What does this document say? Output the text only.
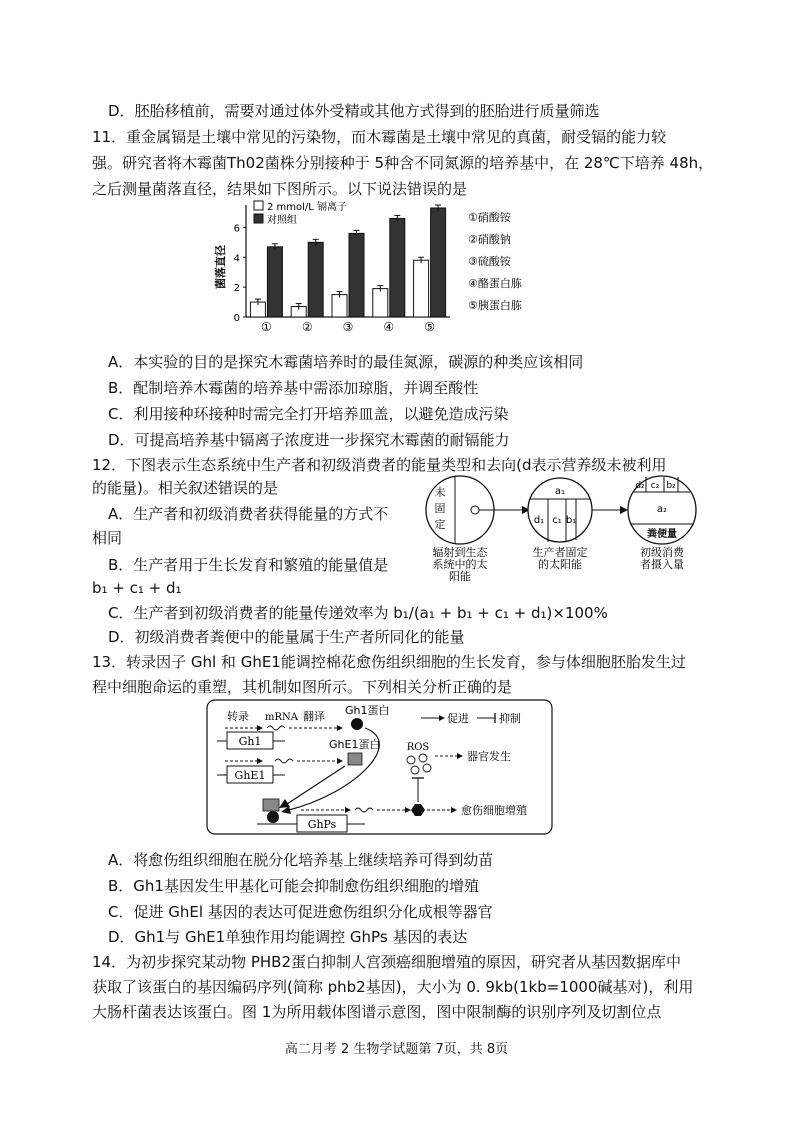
D．胚胎移植前，需要对通过体外受精或其他方式得到的胚胎进行质量筛选
11．重金属镉是土壤中常见的污染物，而木霉菌是土壤中常见的真菌，耐受镉的能力较
强。研究者将木霉菌Th02菌株分别接种于 5种含不同氮源的培养基中，在 28℃下培养 48h，
之后测量菌落直径，结果如下图所示。以下说法错误的是
0
2
4
6
菌落直径
①	②	③	④	⑤
2 mmol/L 镉离子
对照组	①硝酸铵
②硝酸钠
③硫酸铵
④酪蛋白胨
⑤胰蛋白胨
A．本实验的目的是探究木霉菌培养时的最佳氮源，碳源的种类应该相同
B．配制培养木霉菌的培养基中需添加琼脂，并调至酸性
C．利用接种环接种时需完全打开培养皿盖，以避免造成污染
D．可提高培养基中镉离子浓度进一步探究木霉菌的耐镉能力
12．下图表示生态系统中生产者和初级消费者的能量类型和去向(d表示营养级未被利用
的能量)。相关叙述错误的是
A．生产者和初级消费者获得能量的方式不
相同
B．生产者用于生长发育和繁殖的能量值是
b₁ + c₁ + d₁
C．生产者到初级消费者的能量传递效率为 b₁/(a₁ + b₁ + c₁ + d₁)×100%
D．初级消费者粪便中的能量属于生产者所同化的能量
未
固
定
a₁
d₁ c₁ b₁
d₂ c₂ b₂
a₂
粪便量
辐射到生态
系统中的太
阳能
生产者固定
的太阳能
初级消费
者摄入量
13．转录因子 Ghl 和 GhE1能调控棉花愈伤组织细胞的生长发育，参与体细胞胚胎发生过
程中细胞命运的重塑，其机制如图所示。下列相关分析正确的是
转录 mRNA 翻译 Gh1蛋白
Gh1	GhE1蛋白
GhE1
GhPs
愈伤细胞增殖
ROS
器官发生
促进	抑制
A．将愈伤组织细胞在脱分化培养基上继续培养可得到幼苗
B．Gh1基因发生甲基化可能会抑制愈伤组织细胞的增殖
C．促进 GhEl 基因的表达可促进愈伤组织分化成根等器官
D．Gh1与 GhE1单独作用均能调控 GhPs 基因的表达
14．为初步探究某动物 PHB2蛋白抑制人宫颈癌细胞增殖的原因，研究者从基因数据库中
获取了该蛋白的基因编码序列(简称 phb2基因)，大小为 0. 9kb(1kb=1000碱基对)，利用
大肠杆菌表达该蛋白。图 1为所用载体图谱示意图，图中限制酶的识别序列及切割位点
高二月考 2 生物学试题第 7页，共 8页
